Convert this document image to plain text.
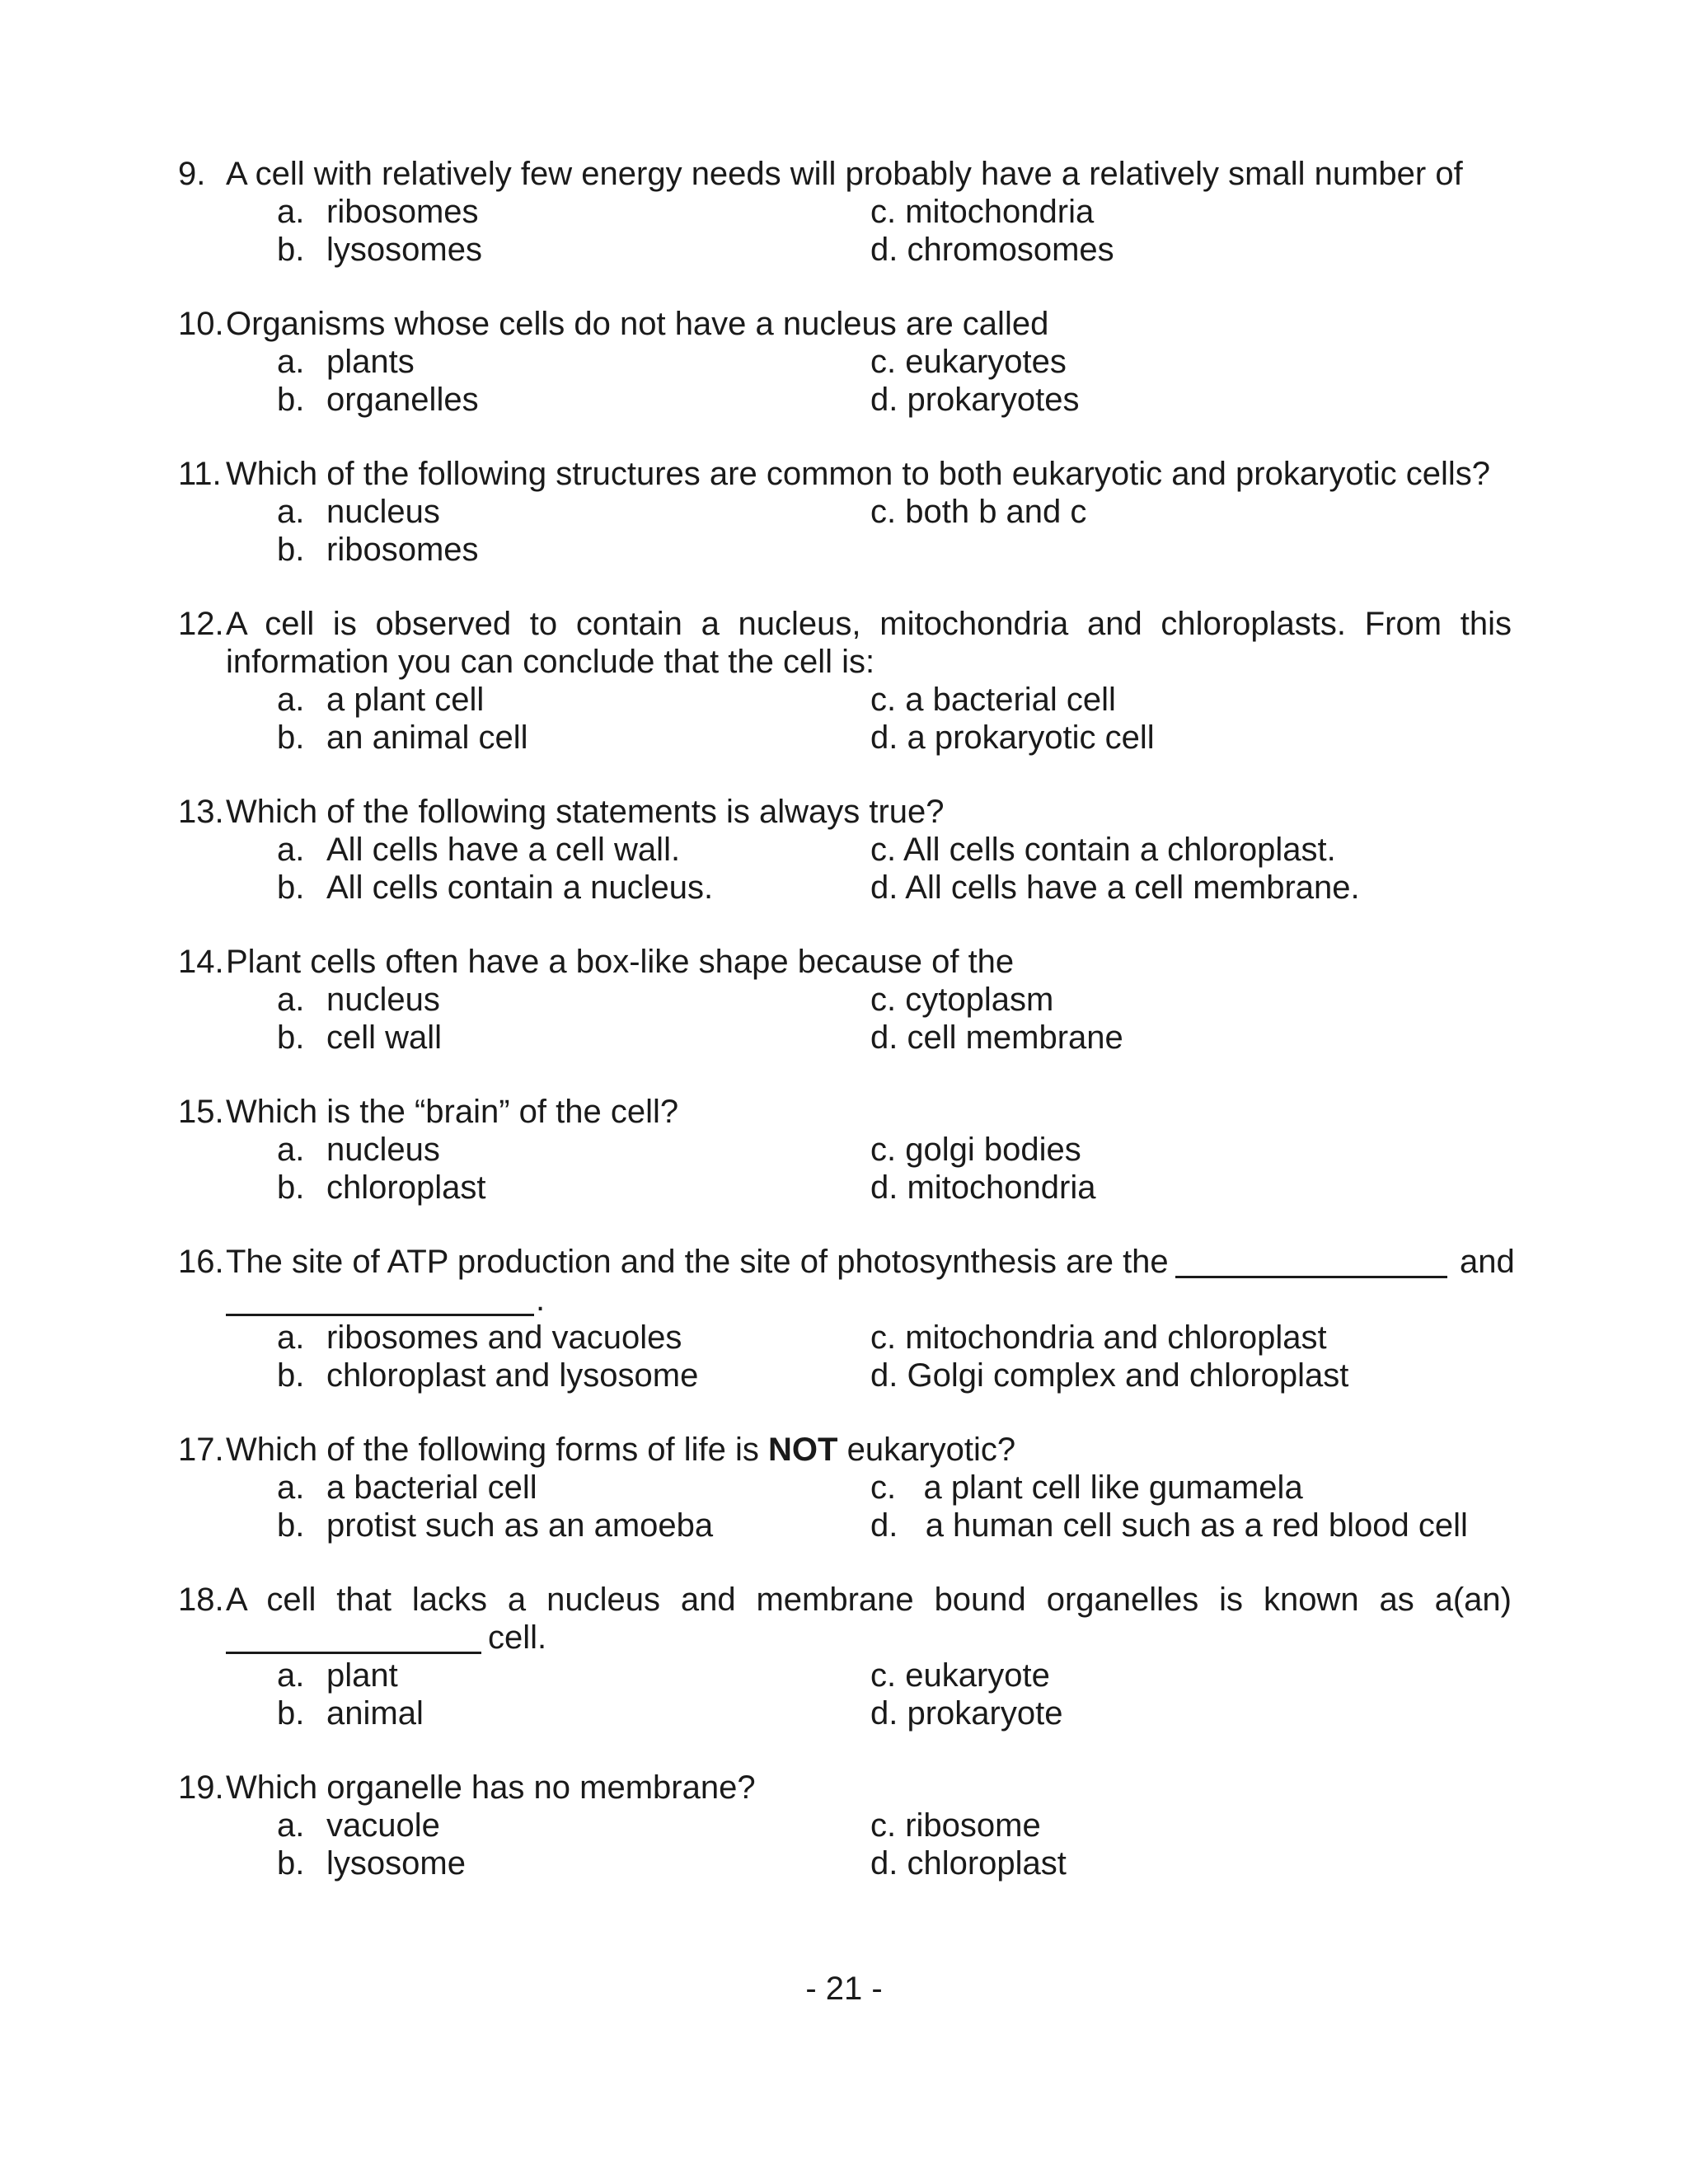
9. A cell with relatively few energy needs will probably have a relatively small number of
a. ribosomes	c. mitochondria
b. lysosomes	d. chromosomes
10. Organisms whose cells do not have a nucleus are called
a. plants	c. eukaryotes
b. organelles	d. prokaryotes
11. Which of the following structures are common to both eukaryotic and prokaryotic cells?
a. nucleus	c. both b and c
b. ribosomes
12. A cell is observed to contain a nucleus, mitochondria and chloroplasts. From this information you can conclude that the cell is:
a. a plant cell	c. a bacterial cell
b. an animal cell	d. a prokaryotic cell
13. Which of the following statements is always true?
a. All cells have a cell wall.	c. All cells contain a chloroplast.
b. All cells contain a nucleus.	d. All cells have a cell membrane.
14. Plant cells often have a box-like shape because of the
a. nucleus	c. cytoplasm
b. cell wall	d. cell membrane
15. Which is the “brain” of the cell?
a. nucleus	c. golgi bodies
b. chloroplast	d. mitochondria
16. The site of ATP production and the site of photosynthesis are the	and
.
a. ribosomes and vacuoles	c. mitochondria and chloroplast
b. chloroplast and lysosome	d. Golgi complex and chloroplast
17. Which of the following forms of life is NOT eukaryotic?
a. a bacterial cell	c.   a plant cell like gumamela
b. protist such as an amoeba	d.   a human cell such as a red blood cell
18. A cell that lacks a nucleus and membrane bound organelles is known as a(an)
cell.
a. plant	c. eukaryote
b. animal	d. prokaryote
19. Which organelle has no membrane?
a. vacuole	c. ribosome
b. lysosome	d. chloroplast
- 21 -
